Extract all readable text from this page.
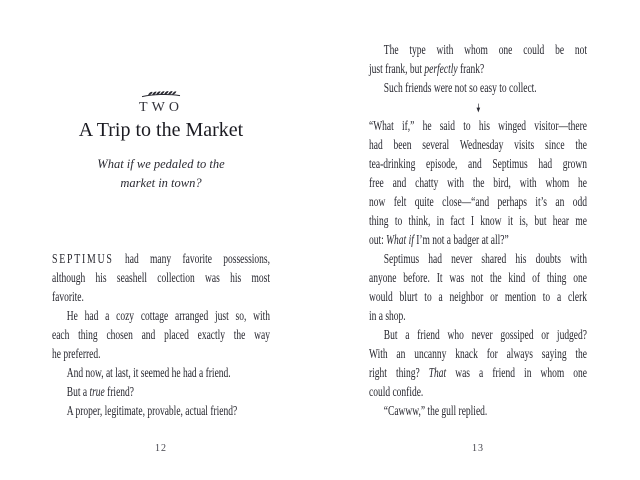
TWO
A Trip to the Market
What if we pedaled to the
market in town?
SEPTIMUS had many favorite possessions,
although his seashell collection was his most
favorite.
He had a cozy cottage arranged just so, with
each thing chosen and placed exactly the way
he preferred.
And now, at last, it seemed he had a friend.
But a true friend?
A proper, legitimate, provable, actual friend?
12
The type with whom one could be not
just frank, but perfectly frank?
Such friends were not so easy to collect.
“What if,” he said to his winged visitor—there
had been several Wednesday visits since the
tea-drinking episode, and Septimus had grown
free and chatty with the bird, with whom he
now felt quite close—“and perhaps it’s an odd
thing to think, in fact I know it is, but hear me
out: What if I’m not a badger at all?”
Septimus had never shared his doubts with
anyone before. It was not the kind of thing one
would blurt to a neighbor or mention to a clerk
in a shop.
But a friend who never gossiped or judged?
With an uncanny knack for always saying the
right thing? That was a friend in whom one
could confide.
“Cawww,” the gull replied.
13
